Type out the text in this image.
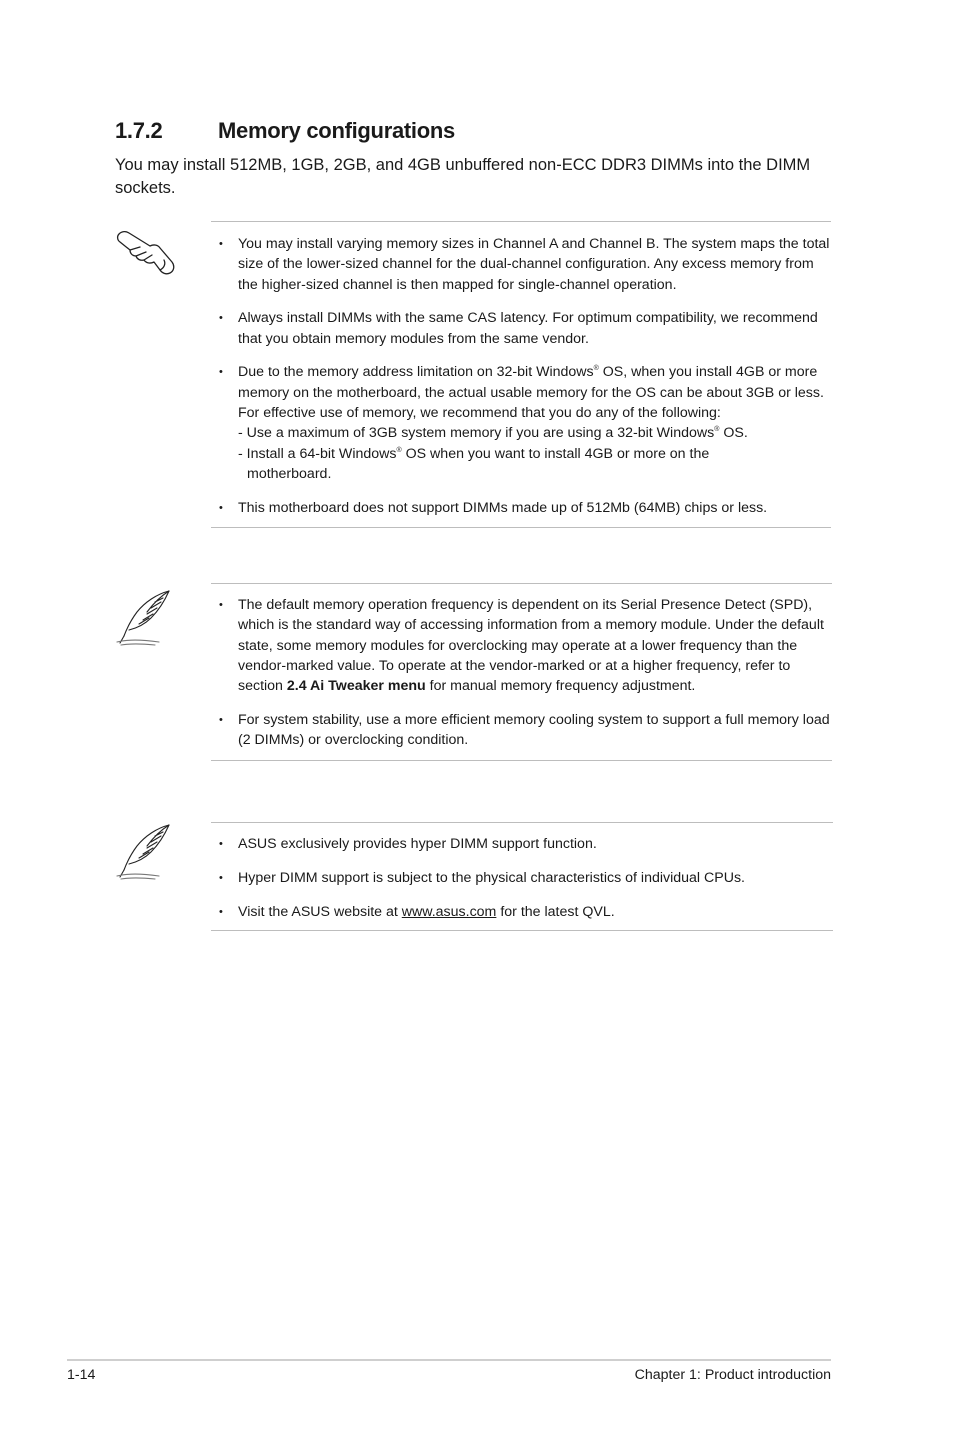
1.7.2	Memory configurations
You may install 512MB, 1GB, 2GB, and 4GB unbuffered non-ECC DDR3 DIMMs into the DIMM sockets.
• You may install varying memory sizes in Channel A and Channel B. The system maps the total size of the lower-sized channel for the dual-channel configuration. Any excess memory from the higher-sized channel is then mapped for single-channel operation.
• Always install DIMMs with the same CAS latency. For optimum compatibility, we recommend that you obtain memory modules from the same vendor.
• Due to the memory address limitation on 32-bit Windows® OS, when you install 4GB or more memory on the motherboard, the actual usable memory for the OS can be about 3GB or less. For effective use of memory, we recommend that you do any of the following:
- Use a maximum of 3GB system memory if you are using a 32-bit Windows® OS.
- Install a 64-bit Windows® OS when you want to install 4GB or more on the
motherboard.
• This motherboard does not support DIMMs made up of 512Mb (64MB) chips or less.
• The default memory operation frequency is dependent on its Serial Presence Detect (SPD), which is the standard way of accessing information from a memory module. Under the default state, some memory modules for overclocking may operate at a lower frequency than the vendor-marked value. To operate at the vendor-marked or at a higher frequency, refer to section 2.4 Ai Tweaker menu for manual memory frequency adjustment.
• For system stability, use a more efficient memory cooling system to support a full memory load (2 DIMMs) or overclocking condition.
• ASUS exclusively provides hyper DIMM support function.
• Hyper DIMM support is subject to the physical characteristics of individual CPUs.
• Visit the ASUS website at www.asus.com for the latest QVL.
1-14	Chapter 1: Product introduction
